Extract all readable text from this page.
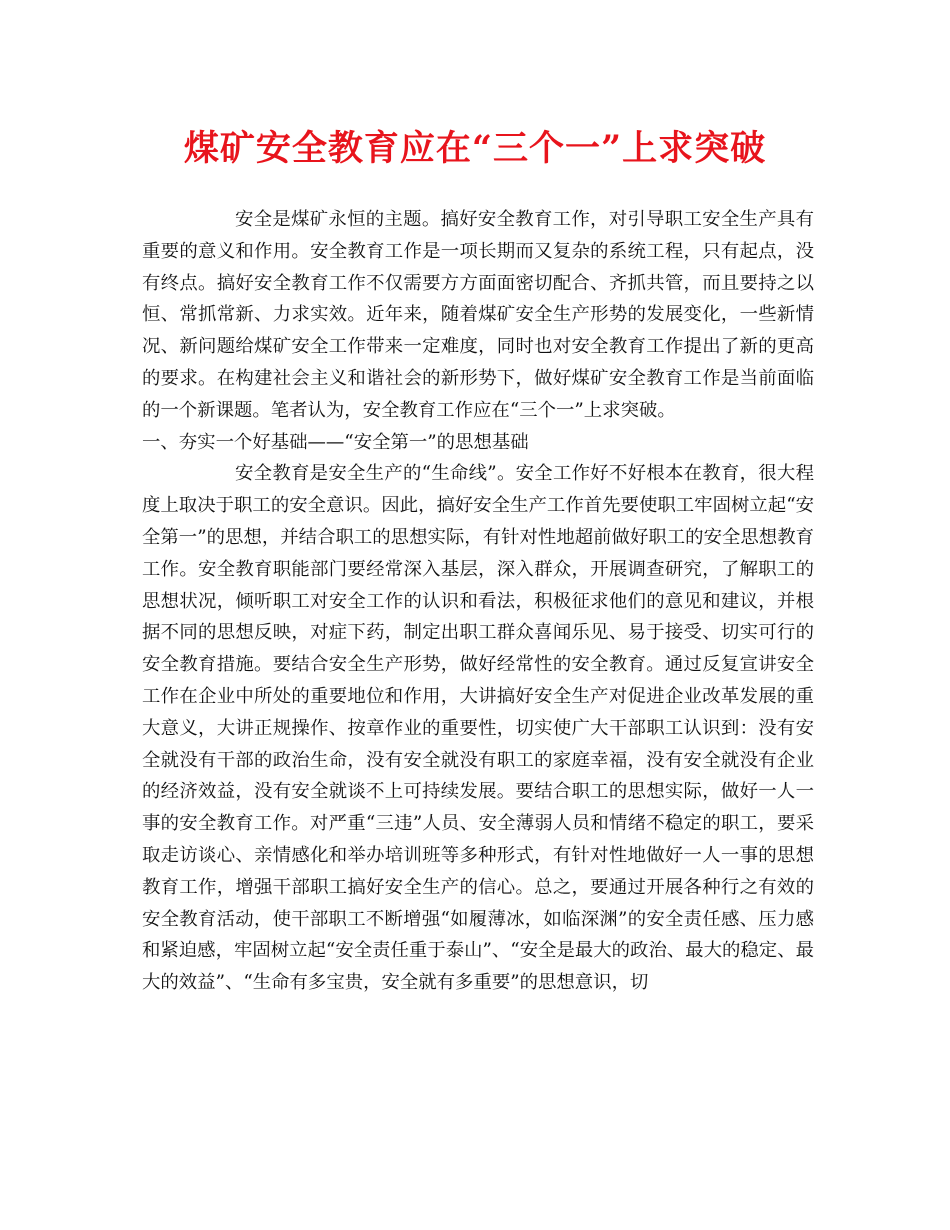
煤矿安全教育应在“三个一”上求突破

安全是煤矿永恒的主题。搞好安全教育工作，对引导职工安全生产具有重要的意义和作用。安全教育工作是一项长期而又复杂的系统工程，只有起点，没有终点。搞好安全教育工作不仅需要方方面面密切配合、齐抓共管，而且要持之以恒、常抓常新、力求实效。近年来，随着煤矿安全生产形势的发展变化，一些新情况、新问题给煤矿安全工作带来一定难度，同时也对安全教育工作提出了新的更高的要求。在构建社会主义和谐社会的新形势下，做好煤矿安全教育工作是当前面临的一个新课题。笔者认为，安全教育工作应在“三个一”上求突破。

一、夯实一个好基础——“安全第一”的思想基础

安全教育是安全生产的“生命线”。安全工作好不好根本在教育，很大程度上取决于职工的安全意识。因此，搞好安全生产工作首先要使职工牢固树立起“安全第一”的思想，并结合职工的思想实际，有针对性地超前做好职工的安全思想教育工作。安全教育职能部门要经常深入基层，深入群众，开展调查研究，了解职工的思想状况，倾听职工对安全工作的认识和看法，积极征求他们的意见和建议，并根据不同的思想反映，对症下药，制定出职工群众喜闻乐见、易于接受、切实可行的安全教育措施。要结合安全生产形势，做好经常性的安全教育。通过反复宣讲安全工作在企业中所处的重要地位和作用，大讲搞好安全生产对促进企业改革发展的重大意义，大讲正规操作、按章作业的重要性，切实使广大干部职工认识到：没有安全就没有干部的政治生命，没有安全就没有职工的家庭幸福，没有安全就没有企业的经济效益，没有安全就谈不上可持续发展。要结合职工的思想实际，做好一人一事的安全教育工作。对严重“三违”人员、安全薄弱人员和情绪不稳定的职工，要采取走访谈心、亲情感化和举办培训班等多种形式，有针对性地做好一人一事的思想教育工作，增强干部职工搞好安全生产的信心。总之，要通过开展各种行之有效的安全教育活动，使干部职工不断增强“如履薄冰，如临深渊”的安全责任感、压力感和紧迫感，牢固树立起“安全责任重于泰山”、“安全是最大的政治、最大的稳定、最大的效益”、“生命有多宝贵，安全就有多重要”的思想意识，切
